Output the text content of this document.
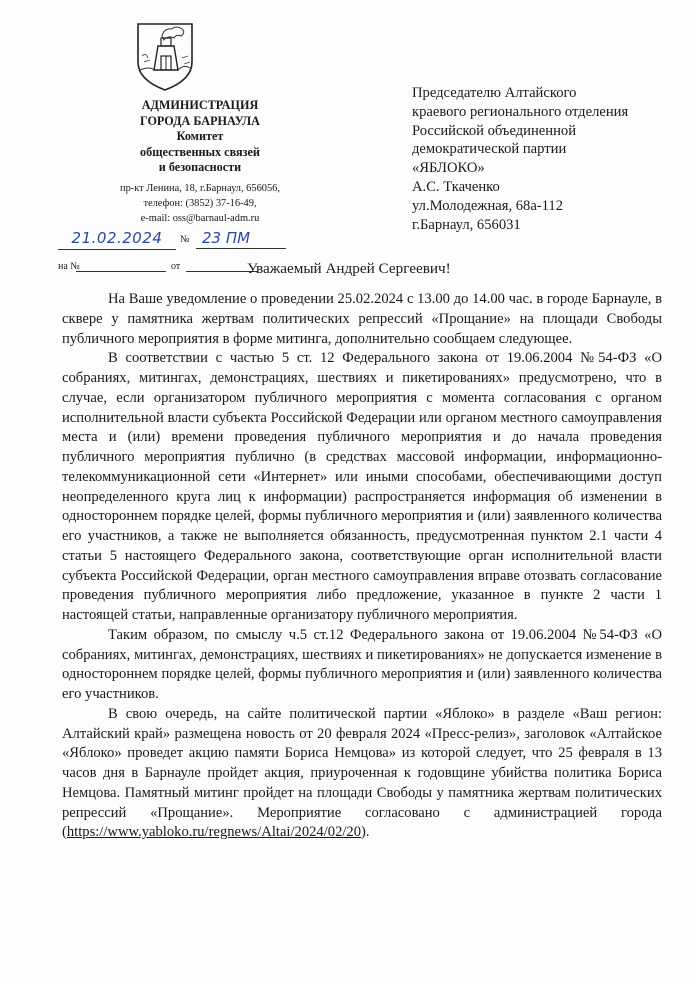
АДМИНИСТРАЦИЯ
ГОРОДА БАРНАУЛА
Комитет
общественных связей
и безопасности
пр-кт Ленина, 18, г.Барнаул, 656056,
телефон: (3852) 37-16-49,
e-mail: oss@barnaul-adm.ru
21.02.2024	№ 23 ПМ
на №	от
Председателю Алтайского
краевого регионального отделения
Российской объединенной
демократической партии
«ЯБЛОКО»
А.С. Ткаченко
ул.Молодежная, 68а-112
г.Барнаул, 656031
Уважаемый Андрей Сергеевич!

На Ваше уведомление о проведении 25.02.2024 с 13.00 до 14.00 час. в городе Барнауле, в сквере у памятника жертвам политических репрессий «Прощание» на площади Свободы публичного мероприятия в форме митинга, дополнительно сообщаем следующее.

В соответствии с частью 5 ст. 12 Федерального закона от 19.06.2004 №54-ФЗ «О собраниях, митингах, демонстрациях, шествиях и пикетированиях» предусмотрено, что в случае, если организатором публичного мероприятия с момента согласования с органом исполнительной власти субъекта Российской Федерации или органом местного самоуправления места и (или) времени проведения публичного мероприятия и до начала проведения публичного мероприятия публично (в средствах массовой информации, информационно-телекоммуникационной сети «Интернет» или иными способами, обеспечивающими доступ неопределенного круга лиц к информации) распространяется информация об изменении в одностороннем порядке целей, формы публичного мероприятия и (или) заявленного количества его участников, а также не выполняется обязанность, предусмотренная пунктом 2.1 части 4 статьи 5 настоящего Федерального закона, соответствующие орган исполнительной власти субъекта Российской Федерации, орган местного самоуправления вправе отозвать согласование проведения публичного мероприятия либо предложение, указанное в пункте 2 части 1 настоящей статьи, направленные организатору публичного мероприятия.

Таким образом, по смыслу ч.5 ст.12 Федерального закона от 19.06.2004 №54-ФЗ «О собраниях, митингах, демонстрациях, шествиях и пикетированиях» не допускается изменение в одностороннем порядке целей, формы публичного мероприятия и (или) заявленного количества его участников.

В свою очередь, на сайте политической партии «Яблоко» в разделе «Ваш регион: Алтайский край» размещена новость от 20 февраля 2024 «Пресс-релиз», заголовок «Алтайское «Яблоко» проведет акцию памяти Бориса Немцова» из которой следует, что 25 февраля в 13 часов дня в Барнауле пройдет акция, приуроченная к годовщине убийства политика Бориса Немцова. Памятный митинг пройдет на площади Свободы у памятника жертвам политических репрессий «Прощание». Мероприятие согласовано с администрацией города (https://www.yabloko.ru/regnews/Altai/2024/02/20).
